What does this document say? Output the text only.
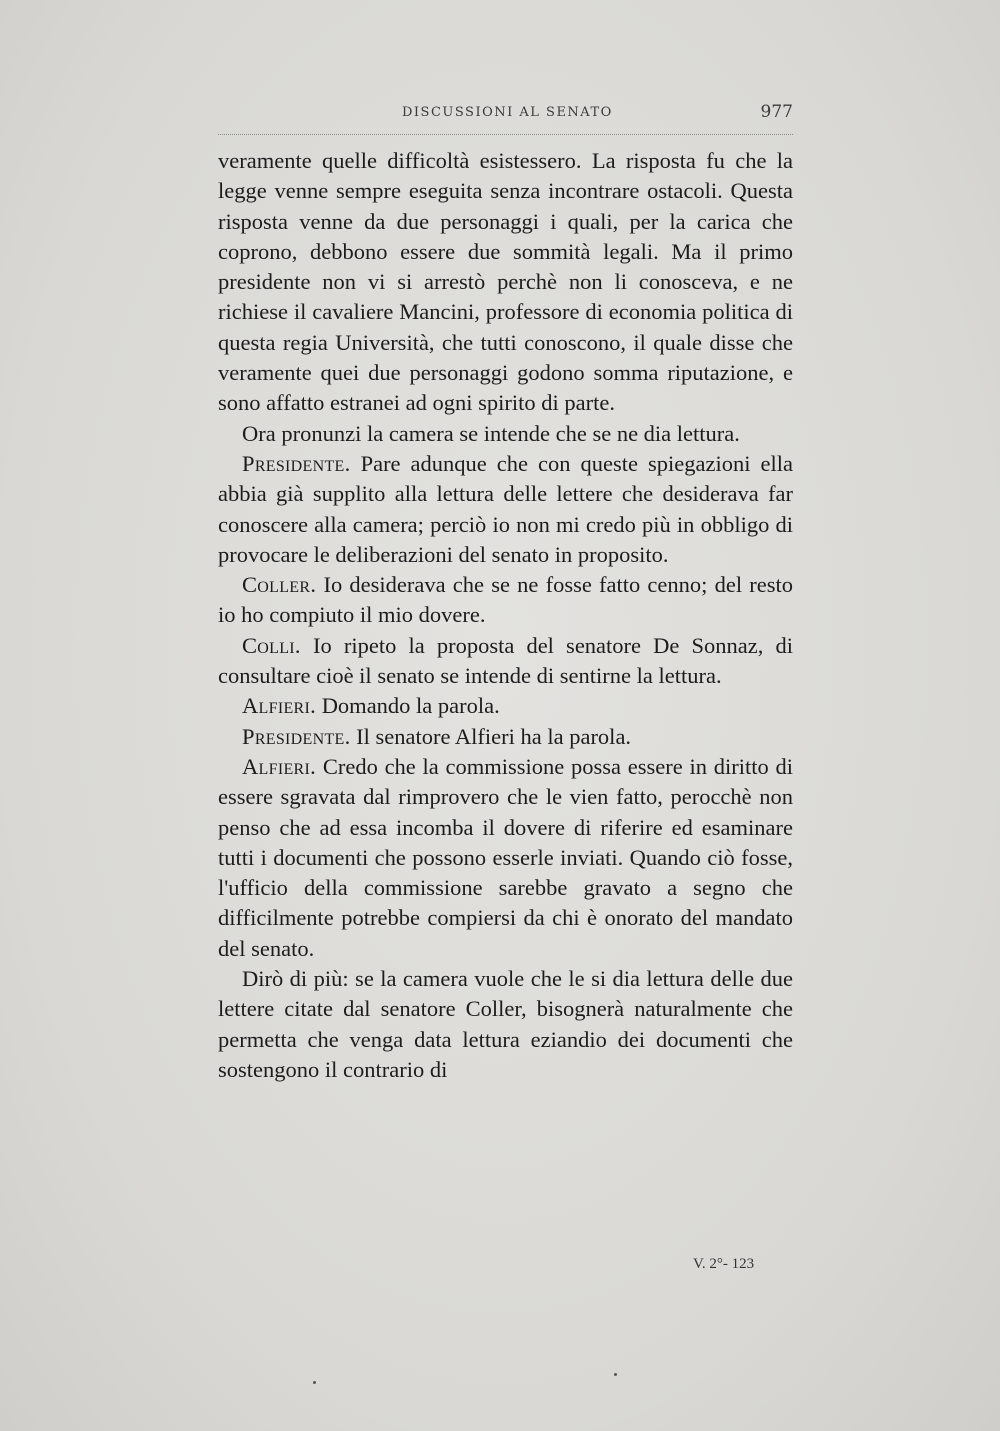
DISCUSSIONI AL SENATO	977

veramente quelle difficoltà esistessero. La risposta fu che la legge venne sempre eseguita senza incontrare ostacoli. Questa risposta venne da due personaggi i quali, per la carica che coprono, debbono essere due sommità legali. Ma il primo presidente non vi si arrestò perchè non li conosceva, e ne richiese il cavaliere Mancini, professore di economia politica di questa regia Università, che tutti conoscono, il quale disse che veramente quei due personaggi godono somma riputazione, e sono affatto estranei ad ogni spirito di parte.

Ora pronunzi la camera se intende che se ne dia lettura.

Presidente. Pare adunque che con queste spiegazioni ella abbia già supplito alla lettura delle lettere che desiderava far conoscere alla camera; perciò io non mi credo più in obbligo di provocare le deliberazioni del senato in proposito.

Coller. Io desiderava che se ne fosse fatto cenno; del resto io ho compiuto il mio dovere.

Colli. Io ripeto la proposta del senatore De Sonnaz, di consultare cioè il senato se intende di sentirne la lettura.

Alfieri. Domando la parola.

Presidente. Il senatore Alfieri ha la parola.

Alfieri. Credo che la commissione possa essere in diritto di essere sgravata dal rimprovero che le vien fatto, perocchè non penso che ad essa incomba il dovere di riferire ed esaminare tutti i documenti che possono esserle inviati. Quando ciò fosse, l'ufficio della commissione sarebbe gravato a segno che difficilmente potrebbe compiersi da chi è onorato del mandato del senato.

Dirò di più: se la camera vuole che le si dia lettura delle due lettere citate dal senatore Coller, bisognerà naturalmente che permetta che venga data lettura eziandio dei documenti che sostengono il contrario di

V. 2°- 123
